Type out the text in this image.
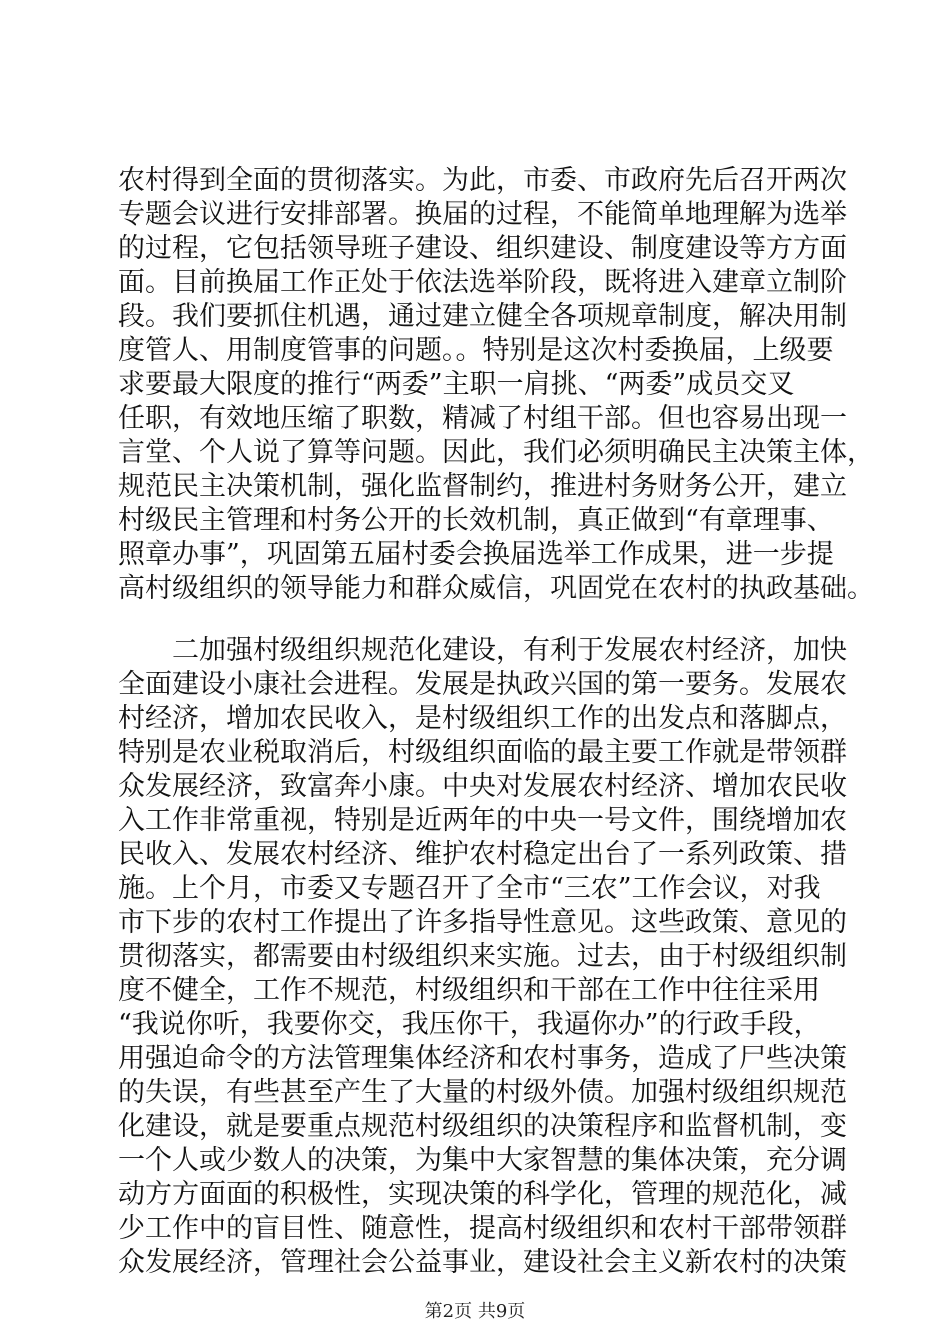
农村得到全面的贯彻落实。为此，市委、市政府先后召开两次
专题会议进行安排部署。换届的过程，不能简单地理解为选举
的过程，它包括领导班子建设、组织建设、制度建设等方方面
面。目前换届工作正处于依法选举阶段，既将进入建章立制阶
段。我们要抓住机遇，通过建立健全各项规章制度，解决用制
度管人、用制度管事的问题。。特别是这次村委换届，上级要
求要最大限度的推行“两委”主职一肩挑、“两委”成员交叉
任职，有效地压缩了职数，精减了村组干部。但也容易出现一
言堂、个人说了算等问题。因此，我们必须明确民主决策主体，
规范民主决策机制，强化监督制约，推进村务财务公开，建立
村级民主管理和村务公开的长效机制，真正做到“有章理事、
照章办事”，巩固第五届村委会换届选举工作成果，进一步提
高村级组织的领导能力和群众威信，巩固党在农村的执政基础。
　　二加强村级组织规范化建设，有利于发展农村经济，加快
全面建设小康社会进程。发展是执政兴国的第一要务。发展农
村经济，增加农民收入，是村级组织工作的出发点和落脚点，
特别是农业税取消后，村级组织面临的最主要工作就是带领群
众发展经济，致富奔小康。中央对发展农村经济、增加农民收
入工作非常重视，特别是近两年的中央一号文件，围绕增加农
民收入、发展农村经济、维护农村稳定出台了一系列政策、措
施。上个月，市委又专题召开了全市“三农”工作会议，对我
市下步的农村工作提出了许多指导性意见。这些政策、意见的
贯彻落实，都需要由村级组织来实施。过去，由于村级组织制
度不健全，工作不规范，村级组织和干部在工作中往往采用
“我说你听，我要你交，我压你干，我逼你办”的行政手段，
用强迫命令的方法管理集体经济和农村事务，造成了尸些决策
的失误，有些甚至产生了大量的村级外债。加强村级组织规范
化建设，就是要重点规范村级组织的决策程序和监督机制，变
一个人或少数人的决策，为集中大家智慧的集体决策，充分调
动方方面面的积极性，实现决策的科学化，管理的规范化，减
少工作中的盲目性、随意性，提高村级组织和农村干部带领群
众发展经济，管理社会公益事业，建设社会主义新农村的决策
第2页 共9页
